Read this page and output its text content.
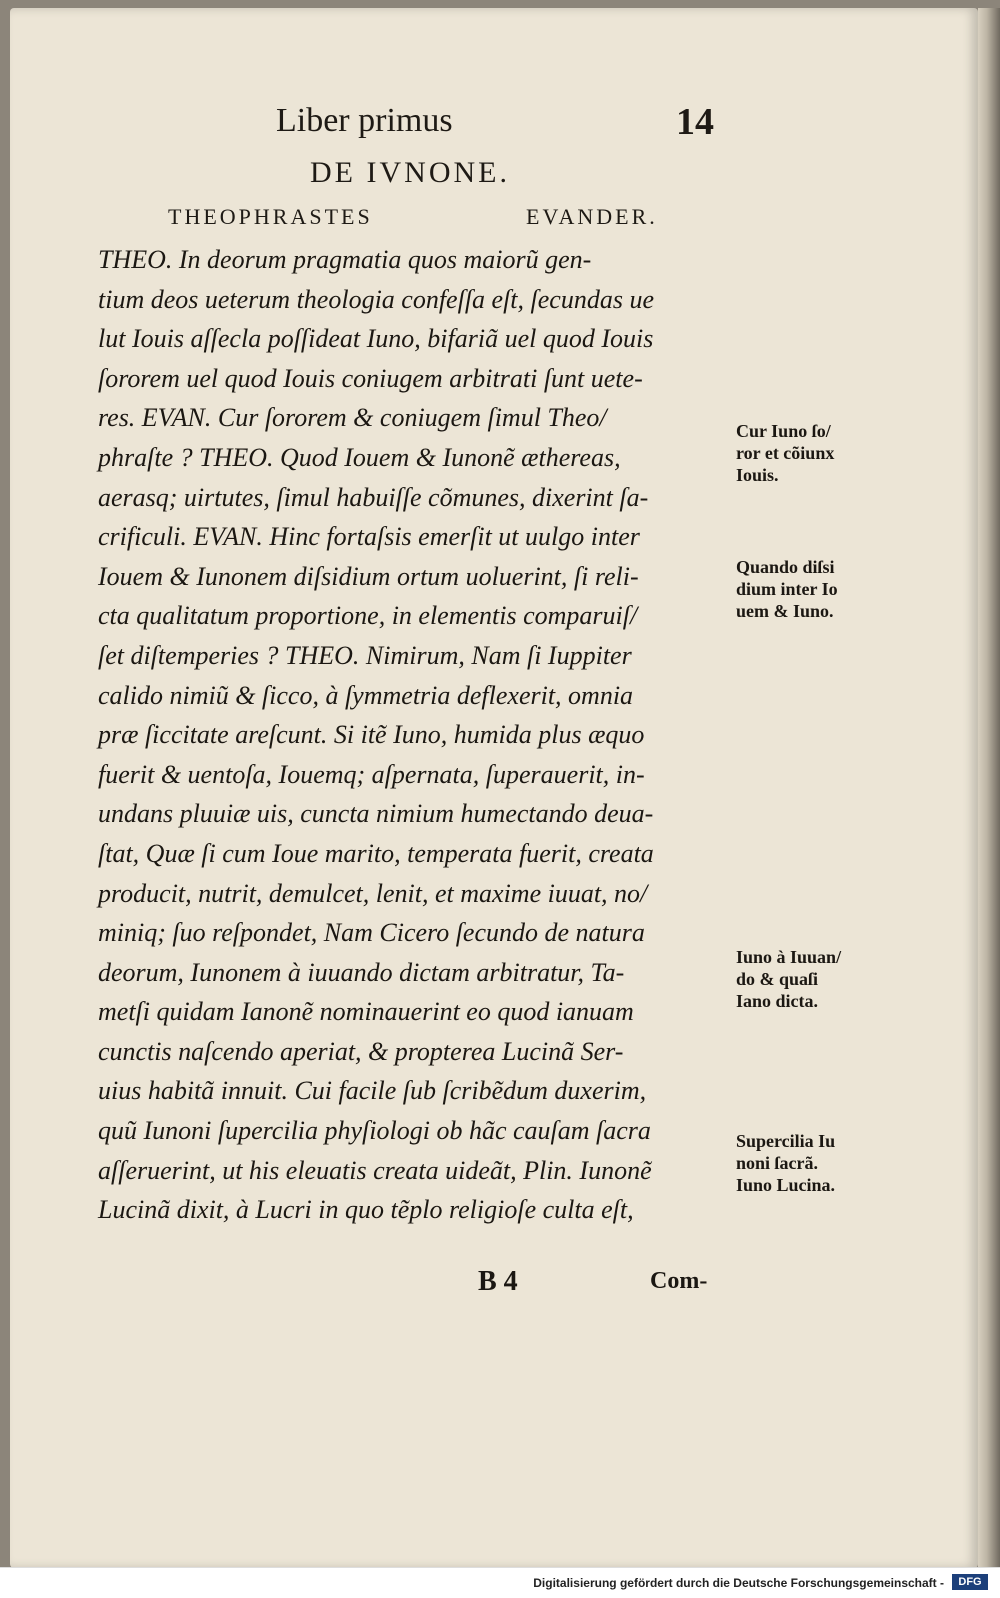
Liber primus	14
DE IVNONE.
THEOPHRASTES	EVANDER.
THEO. In deorum pragmatia quos maiorũ gen-
tium deos ueterum theologia confeſſa eſt, ſecundas ue
lut Iouis aſſecla poſſideat Iuno, bifariã uel quod Iouis
ſororem uel quod Iouis coniugem arbitrati ſunt uete-
res. EVAN. Cur ſororem & coniugem ſimul Theo/
phraſte ? THEO. Quod Iouem & Iunonẽ æthereas,
aerasq; uirtutes, ſimul habuiſſe cõmunes, dixerint ſa-
crificuli. EVAN. Hinc fortaſsis emerſit ut uulgo inter
Iouem & Iunonem diſsidium ortum uoluerint, ſi reli-
cta qualitatum proportione, in elementis comparuiſ/
ſet diſtemperies ? THEO. Nimirum, Nam ſi Iuppiter
calido nimiũ & ſicco, à ſymmetria deflexerit, omnia
præ ſiccitate areſcunt. Si itẽ Iuno, humida plus æquo
fuerit & uentoſa, Iouemq; aſpernata, ſuperauerit, in-
undans pluuiæ uis, cuncta nimium humectando deua-
ſtat, Quæ ſi cum Ioue marito, temperata fuerit, creata
producit, nutrit, demulcet, lenit, et maxime iuuat, no/
miniq; ſuo reſpondet, Nam Cicero ſecundo de natura
deorum, Iunonem à iuuando dictam arbitratur, Ta-
metſi quidam Ianonẽ nominauerint eo quod ianuam
cunctis naſcendo aperiat, & propterea Lucinã Ser-
uius habitã innuit. Cui facile ſub ſcribẽdum duxerim,
quũ Iunoni ſupercilia phyſiologi ob hãc cauſam ſacra
aſſeruerint, ut his eleuatis creata uideãt, Plin. Iunonẽ
Lucinã dixit, à Lucri in quo tẽplo religioſe culta eſt,
Cur Iuno ſo/
ror et cõiunx
Iouis.
Quando diſsi
dium inter Io
uem & Iuno.
Iuno à Iuuan/
do & quaſi
Iano dicta.
Supercilia Iu
noni ſacrã.
Iuno Lucina.
B 4	Com-
Digitalisierung gefördert durch die Deutsche Forschungsgemeinschaft -	DFG
